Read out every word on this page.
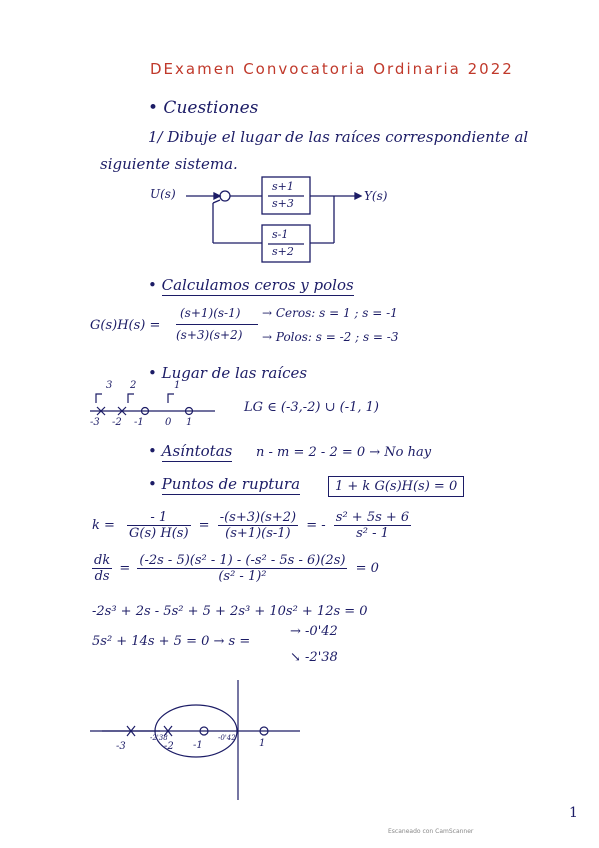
DExamen Convocatoria Ordinaria 2022
• Cuestiones
1/ Dibuje el lugar de las raíces correspondiente al
siguiente sistema.
U(s)	Y(s)
s+1
s+3
s-1
s+2
• Calculamos ceros y polos
G(s)H(s) =
(s+1)(s-1)
(s+3)(s+2)
→ Ceros: s = 1 ; s = -1
→ Polos: s = -2 ; s = -3
• Lugar de las raíces
3 2	1
-3 -2 -1 0 1
LG ∈ (-3,-2) ∪ (-1, 1)
• Asíntotas n - m = 2 - 2 = 0 → No hay
• Puntos de ruptura	1 + k G(s)H(s) = 0
$k = \frac{- 1}{G(s) H(s)} = \frac{-(s+3)(s+2)}{(s+1)(s-1)}$ = - $\frac{\text{s² + 5s + 6}}{\text{s² - 1}}$
$\frac{dk}{ds} = \frac{\text{(-2s - 5)(s² - 1) - (-s² - 5s - 6)(2s)}}{\text{(s² - 1)²}} = 0$
-2s³ + 2s - 5s² + 5 + 2s³ + 10s² + 12s = 0
5s² + 14s + 5 = 0 → s =
→ -0'42
↘ -2'38
-3
-2'38
-2 -1
-0'42 1
1
Escaneado con CamScanner
